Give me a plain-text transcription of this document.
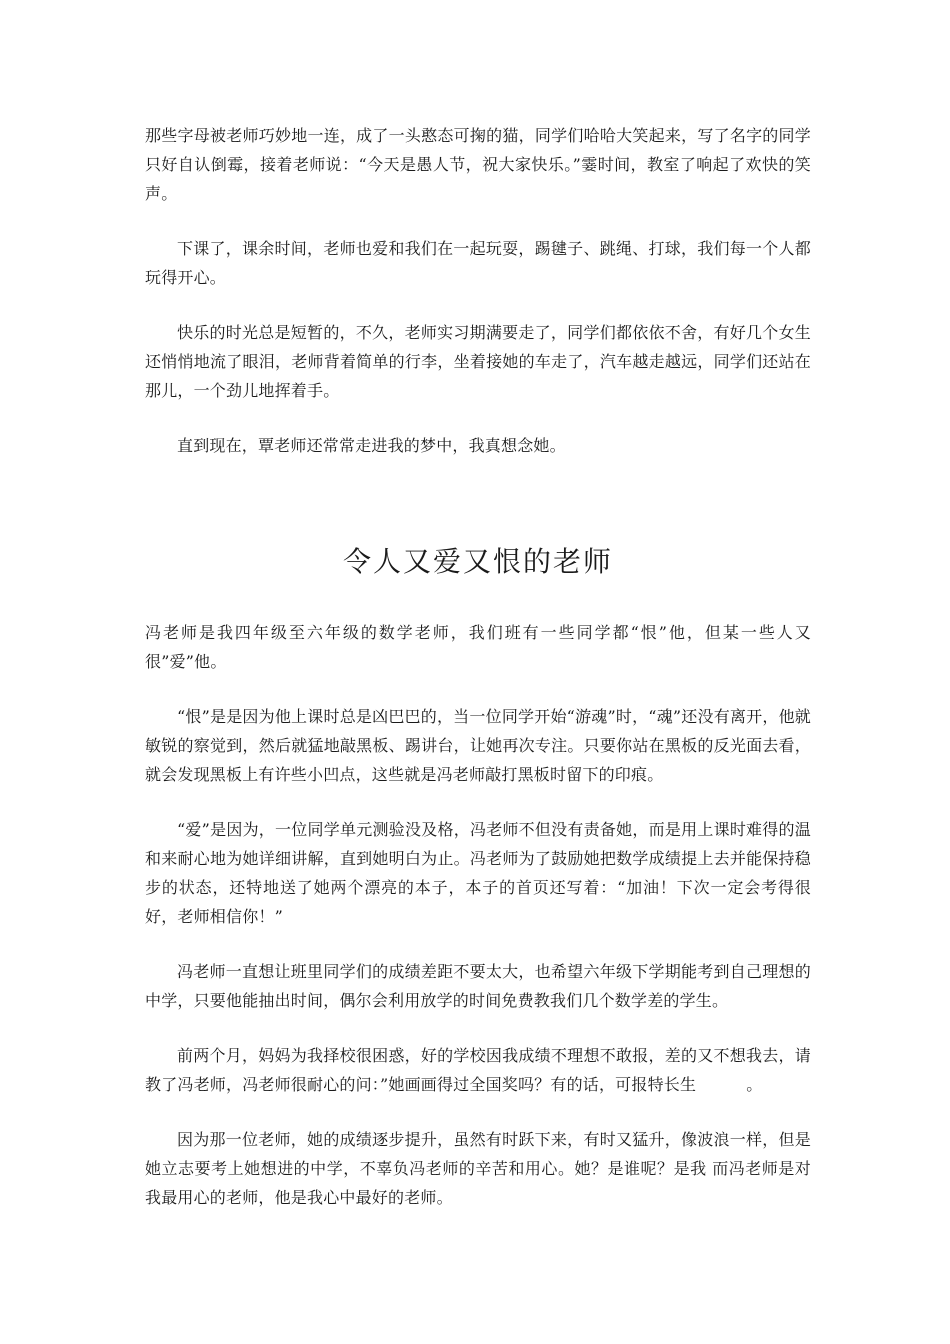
那些字母被老师巧妙地一连，成了一头憨态可掬的猫，同学们哈哈大笑起来，写了名字的同学只好自认倒霉，接着老师说：“今天是愚人节，祝大家快乐。”霎时间，教室了响起了欢快的笑声。

下课了，课余时间，老师也爱和我们在一起玩耍，踢毽子、跳绳、打球，我们每一个人都玩得开心。

快乐的时光总是短暂的，不久，老师实习期满要走了，同学们都依依不舍，有好几个女生还悄悄地流了眼泪，老师背着简单的行李，坐着接她的车走了，汽车越走越远，同学们还站在那儿，一个劲儿地挥着手。

直到现在，覃老师还常常走进我的梦中，我真想念她。

令人又爱又恨的老师

冯老师是我四年级至六年级的数学老师，我们班有一些同学都“恨”他，但某一些人又很”爱”他。

“恨”是是因为他上课时总是凶巴巴的，当一位同学开始“游魂”时，“魂”还没有离开，他就敏锐的察觉到，然后就猛地敲黑板、踢讲台，让她再次专注。只要你站在黑板的反光面去看，就会发现黑板上有许些小凹点，这些就是冯老师敲打黑板时留下的印痕。

“爱”是因为，一位同学单元测验没及格，冯老师不但没有责备她，而是用上课时难得的温和来耐心地为她详细讲解，直到她明白为止。冯老师为了鼓励她把数学成绩提上去并能保持稳步的状态，还特地送了她两个漂亮的本子，本子的首页还写着：“加油！下次一定会考得很好，老师相信你！”

冯老师一直想让班里同学们的成绩差距不要太大，也希望六年级下学期能考到自己理想的中学，只要他能抽出时间，偶尔会利用放学的时间免费教我们几个数学差的学生。

前两个月，妈妈为我择校很困惑，好的学校因我成绩不理想不敢报，差的又不想我去，请教了冯老师，冯老师很耐心的问：”她画画得过全国奖吗？有的话，可报特长生	。

因为那一位老师，她的成绩逐步提升，虽然有时跃下来，有时又猛升，像波浪一样，但是她立志要考上她想进的中学，不辜负冯老师的辛苦和用心。她？是谁呢？是我 而冯老师是对我最用心的老师，他是我心中最好的老师。
